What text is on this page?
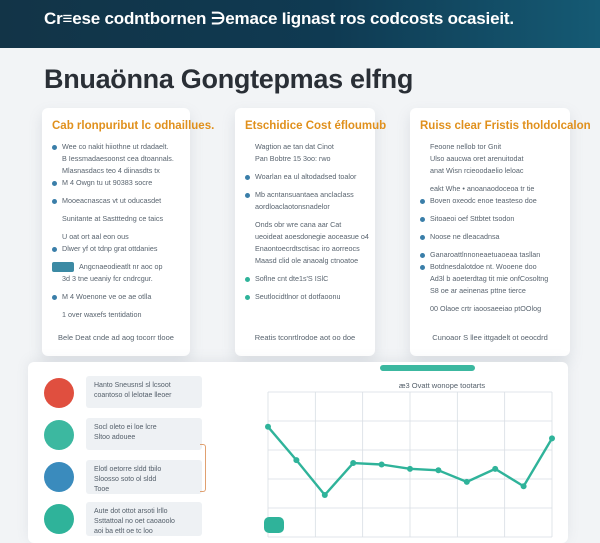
Cr≡ese codntbornen ∋emace Iignast ros codcosts ocasieit.
Bnuaönna Gongtepmas elfng
Cab rlonpuribut lc odhaillues.
Wee co nakit hiiothne ut rdadaelt.
B Iessmadaesoonst cea dtoannals.
Mlasnasdacs teo 4 diinasdts tx
M 4 Owgn tu ut 90383 socre
Mooeacnascas vt ut oducasdet
Sunitante at Sastttedng ce taics
U oat ort aal eon ous
Dlwer yf ot tdnp grat ottdanies
Angcnaeodieatlt nr aoc op
3d 3 tne ueaniy fcr cndrcgur.
M 4 Woenone ve oe ae otlla
1 over waxefs tentidation
Bele Deat cnde ad aog tocorr tlooe
Etschidice Cost éfloumub
Wagtion ae tan dat Cinot
Pan Bobtre 15 3oo: rwo
Woarlan ea ul altodadsed toalor
Mb acntansuantaea anclaclass
aordloaclaotonsnadelor
Onds obr wre cana aar Cat
ueoideat aoesdonegie aoceasue o4
Enaontoecrdtsctisac iro aorreocs
Maasd clid ole anaoalg ctnoatoe
Soflne cnt dte1s'S ISlC
Seutlocidtlnor ot dotfaoonu
Reatis tconrtlrodoe aot oo doe
Ruiss clear Fristis tholdolcalon
Feoone nellob tor Gnit
Ulso aaucwa oret arenuitodat
anat Wisn rcieoodaelio leloac
eakt Whe • anoanaodoceoa tr tie
Boven oxeodc enoe teasteso doe
Sitoaeoi oef Sttbtet tsodon
Noose ne dleacadnsa
Ganaroattlnnoneaetuaoeaa tasllan
Botdnesdalotdoe nt. Wooene doo
Ad3l b aoeterdtag tit mie onfCosoltng
S8 oe ar aeinenas pttne tierce
00 Olaoe crtr iaoosaeeiao ptOOlog
Cunoaor S llee ittgadelt ot oeocdrd
Hanto Sneusnsl sl lcsoot
coantoso ol lelotae lleoer
Socl oleto ei loe lcre
Sltoo adouee
Elotl oetorre sldd tbilo
Sloosso soto ol sldd
Tooe
Aute dot ottot arsoti lrllo
Ssttattoal no oet caoaoolo
aoi ba etlt oe tc loo
æ3 Ovatt wonope tootarts
